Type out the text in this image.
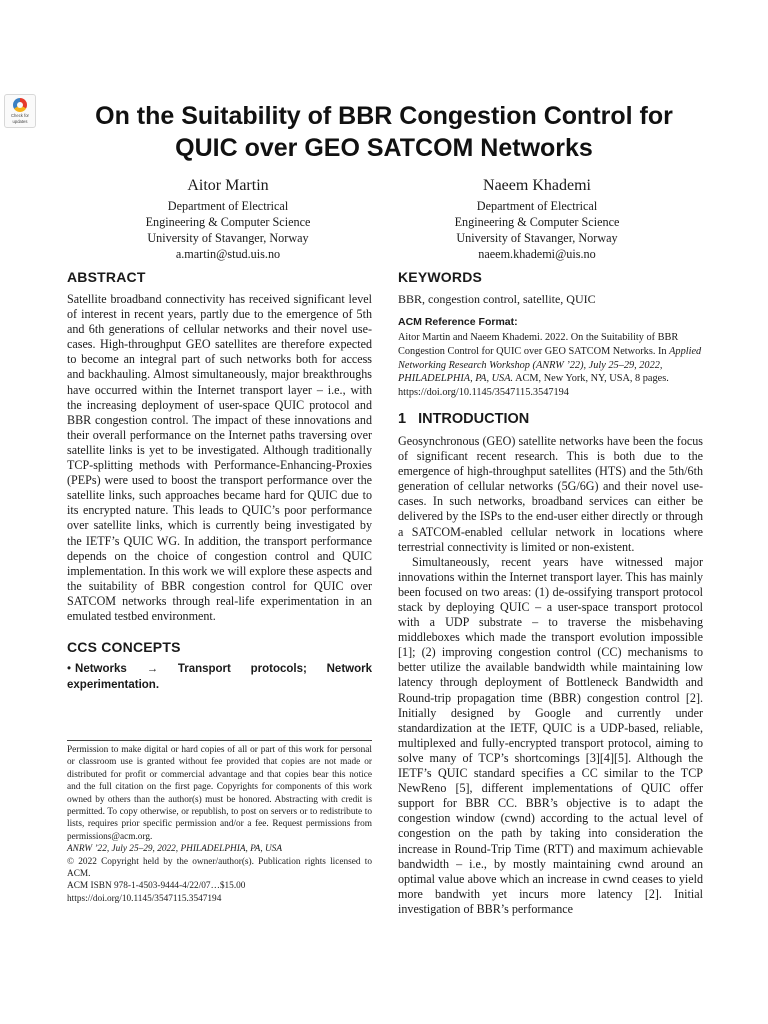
Check for
updates	On the Suitability of BBR Congestion Control for
QUIC over GEO SATCOM Networks
Aitor Martin
Department of Electrical
Engineering & Computer Science
University of Stavanger, Norway
a.martin@stud.uis.no
Naeem Khademi
Department of Electrical
Engineering & Computer Science
University of Stavanger, Norway
naeem.khademi@uis.no
ABSTRACT

Satellite broadband connectivity has received significant level of interest in recent years, partly due to the emergence of 5th and 6th generations of cellular networks and their novel use-cases. High-throughput GEO satellites are therefore expected to become an integral part of such networks both for access and backhauling. Almost simultaneously, major breakthroughs have occurred within the Internet transport layer – i.e., with the increasing deployment of user-space QUIC protocol and BBR congestion control. The impact of these innovations and their overall performance on the Internet paths traversing over satellite links is yet to be investigated. Although traditionally TCP-splitting methods with Performance-Enhancing-Proxies (PEPs) were used to boost the transport performance over the satellite links, such approaches became hard for QUIC due to its encrypted nature. This leads to QUIC’s poor performance over satellite links, which is currently being investigated by the IETF’s QUIC WG. In addition, the transport performance depends on the choice of congestion control and QUIC implementation. In this work we will explore these aspects and the suitability of BBR congestion control for QUIC over SATCOM networks through real-life experimentation in an emulated testbed environment.

CCS CONCEPTS
• Networks → Transport protocols; Network experimentation.

Permission to make digital or hard copies of all or part of this work for personal or classroom use is granted without fee provided that copies are not made or distributed for profit or commercial advantage and that copies bear this notice and the full citation on the first page. Copyrights for components of this work owned by others than the author(s) must be honored. Abstracting with credit is permitted. To copy otherwise, or republish, to post on servers or to redistribute to lists, requires prior specific permission and/or a fee. Request permissions from permissions@acm.org.

ANRW ’22, July 25–29, 2022, PHILADELPHIA, PA, USA

© 2022 Copyright held by the owner/author(s). Publication rights licensed to ACM.

ACM ISBN 978-1-4503-9444-4/22/07…$15.00

https://doi.org/10.1145/3547115.3547194

KEYWORDS
BBR, congestion control, satellite, QUIC
ACM Reference Format:
Aitor Martin and Naeem Khademi. 2022. On the Suitability of BBR Congestion Control for QUIC over GEO SATCOM Networks. In Applied Networking Research Workshop (ANRW ’22), July 25–29, 2022, PHILADELPHIA, PA, USA. ACM, New York, NY, USA, 8 pages. https://doi.org/10.1145/3547115.3547194
1 INTRODUCTION

Geosynchronous (GEO) satellite networks have been the focus of significant recent research. This is both due to the emergence of high-throughput satellites (HTS) and the 5th/6th generation of cellular networks (5G/6G) and their novel use-cases. In such networks, broadband services can either be delivered by the ISPs to the end-user either directly or through a SATCOM-enabled cellular network in locations where terrestrial connectivity is limited or non-existent.

Simultaneously, recent years have witnessed major innovations within the Internet transport layer. This has mainly been focused on two areas: (1) de-ossifying transport protocol stack by deploying QUIC – a user-space transport protocol with a UDP substrate – to traverse the misbehaving middleboxes which made the transport evolution impossible [1]; (2) improving congestion control (CC) mechanisms to better utilize the available bandwidth while maintaining low latency through deployment of Bottleneck Bandwidth and Round-trip propagation time (BBR) congestion control [2]. Initially designed by Google and currently under standardization at the IETF, QUIC is a UDP-based, reliable, multiplexed and fully-encrypted transport protocol, aiming to solve many of TCP’s shortcomings [3][4][5]. Although the IETF’s QUIC standard specifies a CC similar to the TCP NewReno [5], different implementations of QUIC offer support for BBR CC. BBR’s objective is to adapt the congestion window (cwnd) according to the actual level of congestion on the path by taking into consideration the increase in Round-Trip Time (RTT) and maximum achievable bandwidth – i.e., by mostly maintaining cwnd around an optimal value above which an increase in cwnd ceases to yield more bandwith yet incurs more latency [2]. Initial investigation of BBR’s performance
